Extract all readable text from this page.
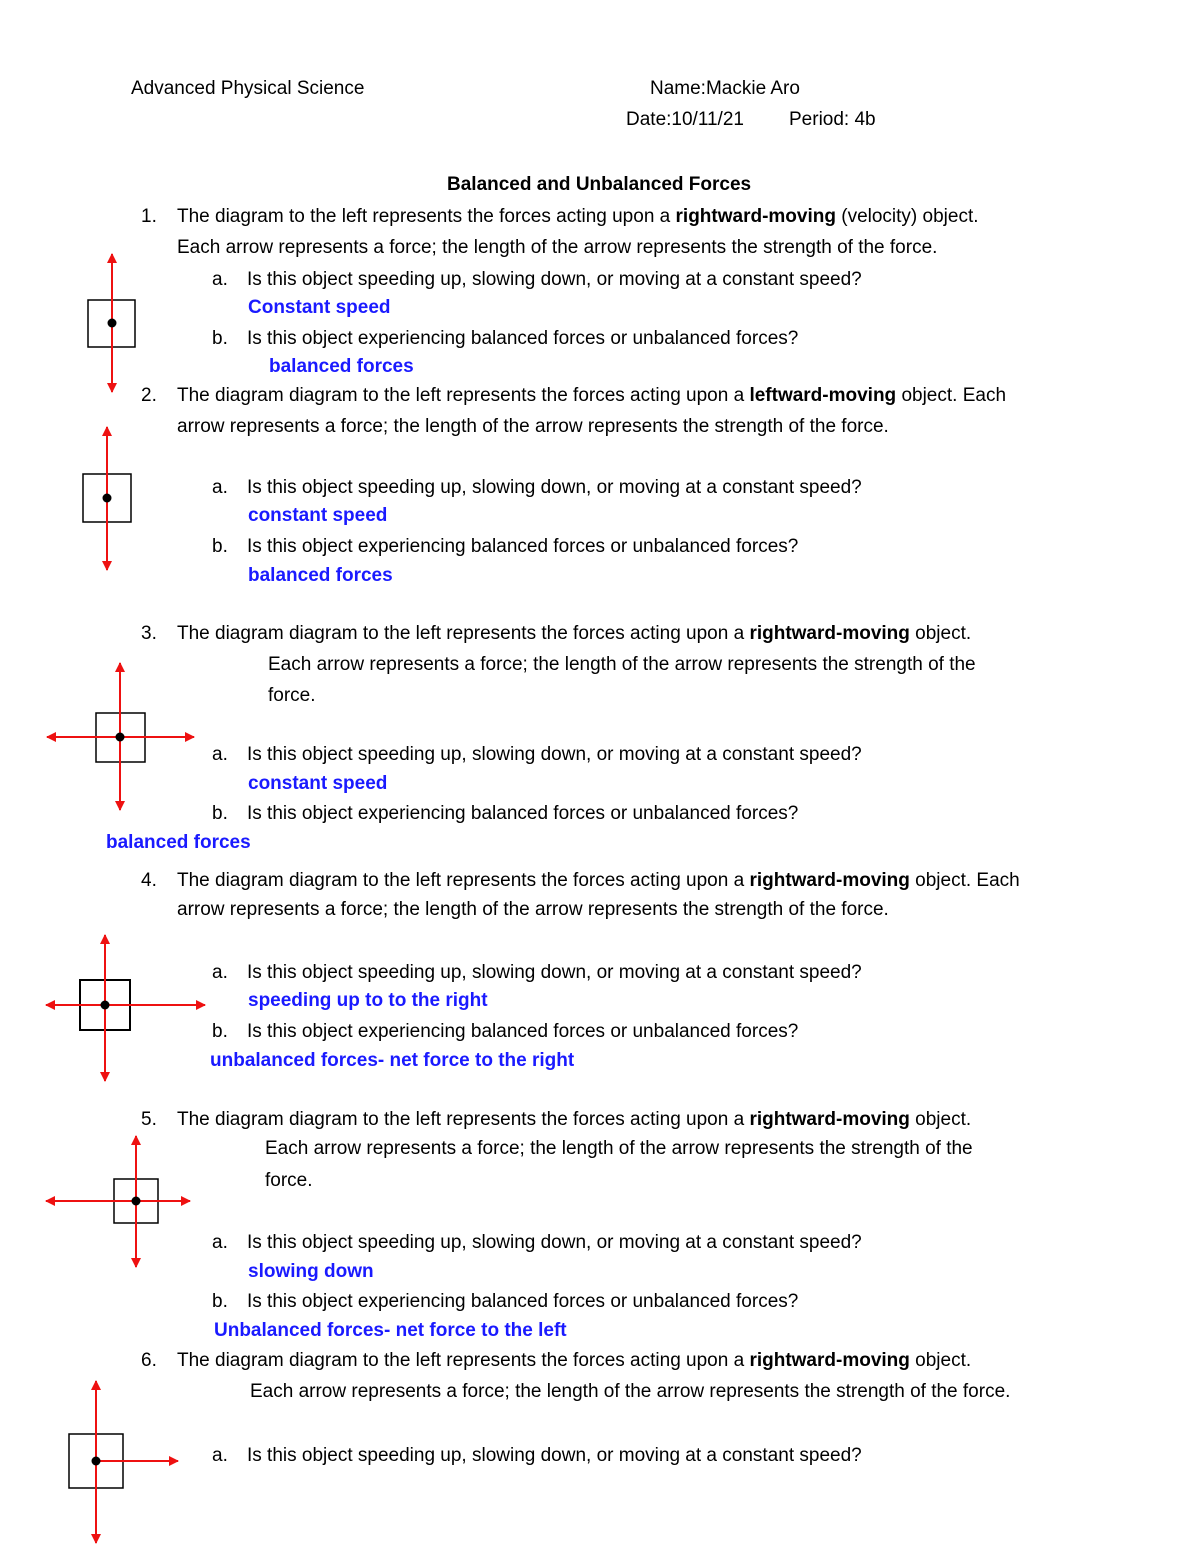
Advanced Physical Science	Name:Mackie Aro
Date:10/11/21 Period: 4b
Balanced and Unbalanced Forces
1. The diagram to the left represents the forces acting upon a rightward-moving (velocity) object.
Each arrow represents a force; the length of the arrow represents the strength of the force.
a. Is this object speeding up, slowing down, or moving at a constant speed?
Constant speed
b. Is this object experiencing balanced forces or unbalanced forces?
balanced forces
2. The diagram diagram to the left represents the forces acting upon a leftward-moving object. Each
arrow represents a force; the length of the arrow represents the strength of the force.
a. Is this object speeding up, slowing down, or moving at a constant speed?
constant speed
b. Is this object experiencing balanced forces or unbalanced forces?
balanced forces
3. The diagram diagram to the left represents the forces acting upon a rightward-moving object.
Each arrow represents a force; the length of the arrow represents the strength of the
force.
a. Is this object speeding up, slowing down, or moving at a constant speed?
constant speed
b. Is this object experiencing balanced forces or unbalanced forces?
balanced forces
4. The diagram diagram to the left represents the forces acting upon a rightward-moving object. Each
arrow represents a force; the length of the arrow represents the strength of the force.
a. Is this object speeding up, slowing down, or moving at a constant speed?
speeding up to to the right
b. Is this object experiencing balanced forces or unbalanced forces?
unbalanced forces- net force to the right
5. The diagram diagram to the left represents the forces acting upon a rightward-moving object.
Each arrow represents a force; the length of the arrow represents the strength of the
force.
a. Is this object speeding up, slowing down, or moving at a constant speed?
slowing down
b. Is this object experiencing balanced forces or unbalanced forces?
Unbalanced forces- net force to the left
6. The diagram diagram to the left represents the forces acting upon a rightward-moving object.
Each arrow represents a force; the length of the arrow represents the strength of the force.
a. Is this object speeding up, slowing down, or moving at a constant speed?
